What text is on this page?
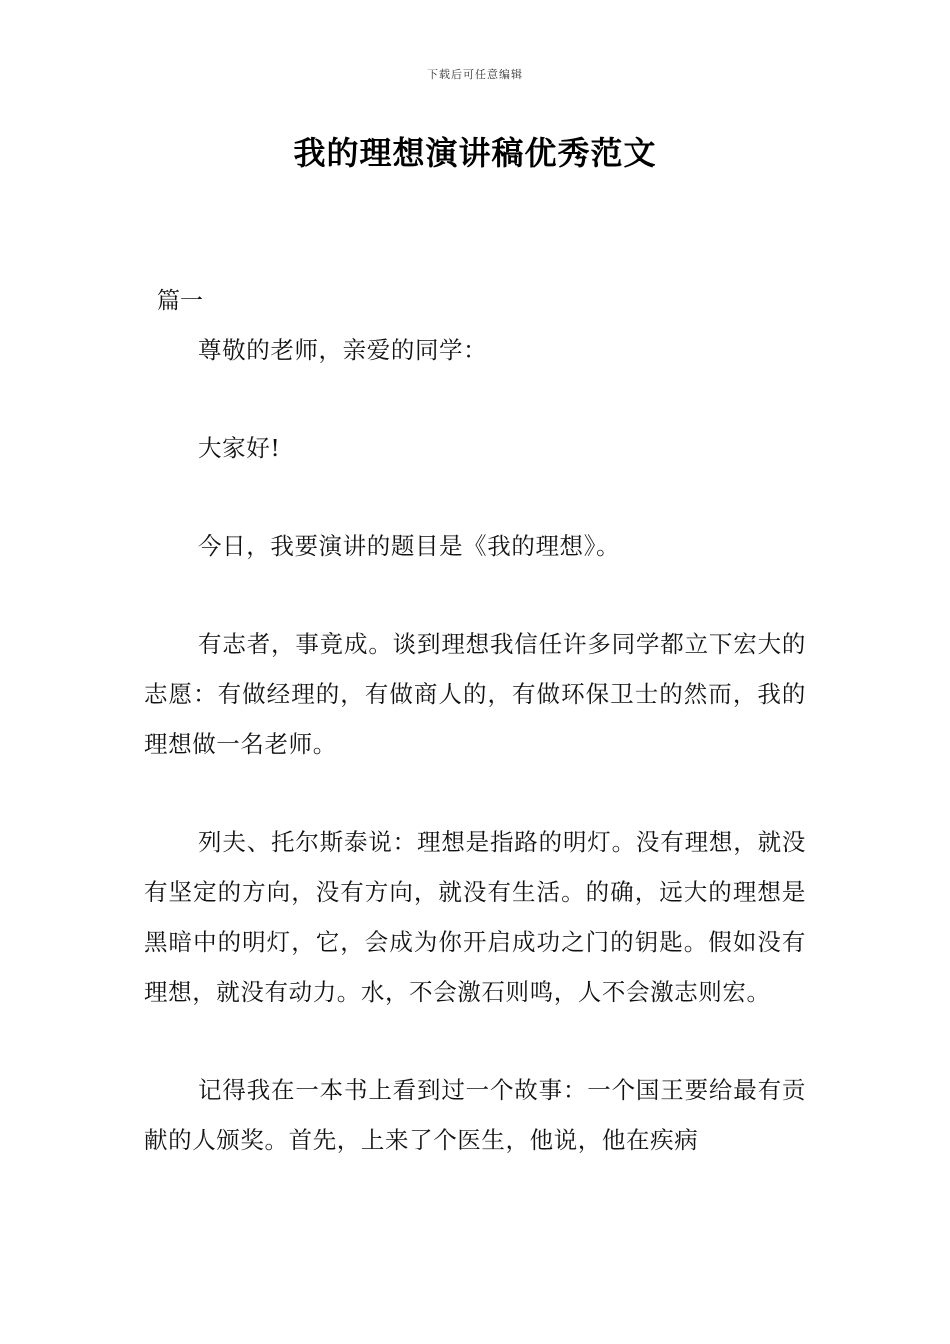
下载后可任意编辑
我的理想演讲稿优秀范文
篇一

尊敬的老师，亲爱的同学：

大家好!

今日，我要演讲的题目是《我的理想》。

有志者，事竟成。谈到理想我信任许多同学都立下宏大的志愿：有做经理的，有做商人的，有做环保卫士的然而，我的理想做一名老师。

列夫、托尔斯泰说：理想是指路的明灯。没有理想，就没有坚定的方向，没有方向，就没有生活。的确，远大的理想是黑暗中的明灯，它，会成为你开启成功之门的钥匙。假如没有理想，就没有动力。水，不会激石则鸣，人不会激志则宏。

记得我在一本书上看到过一个故事：一个国王要给最有贡献的人颁奖。首先，上来了个医生，他说，他在疾病
